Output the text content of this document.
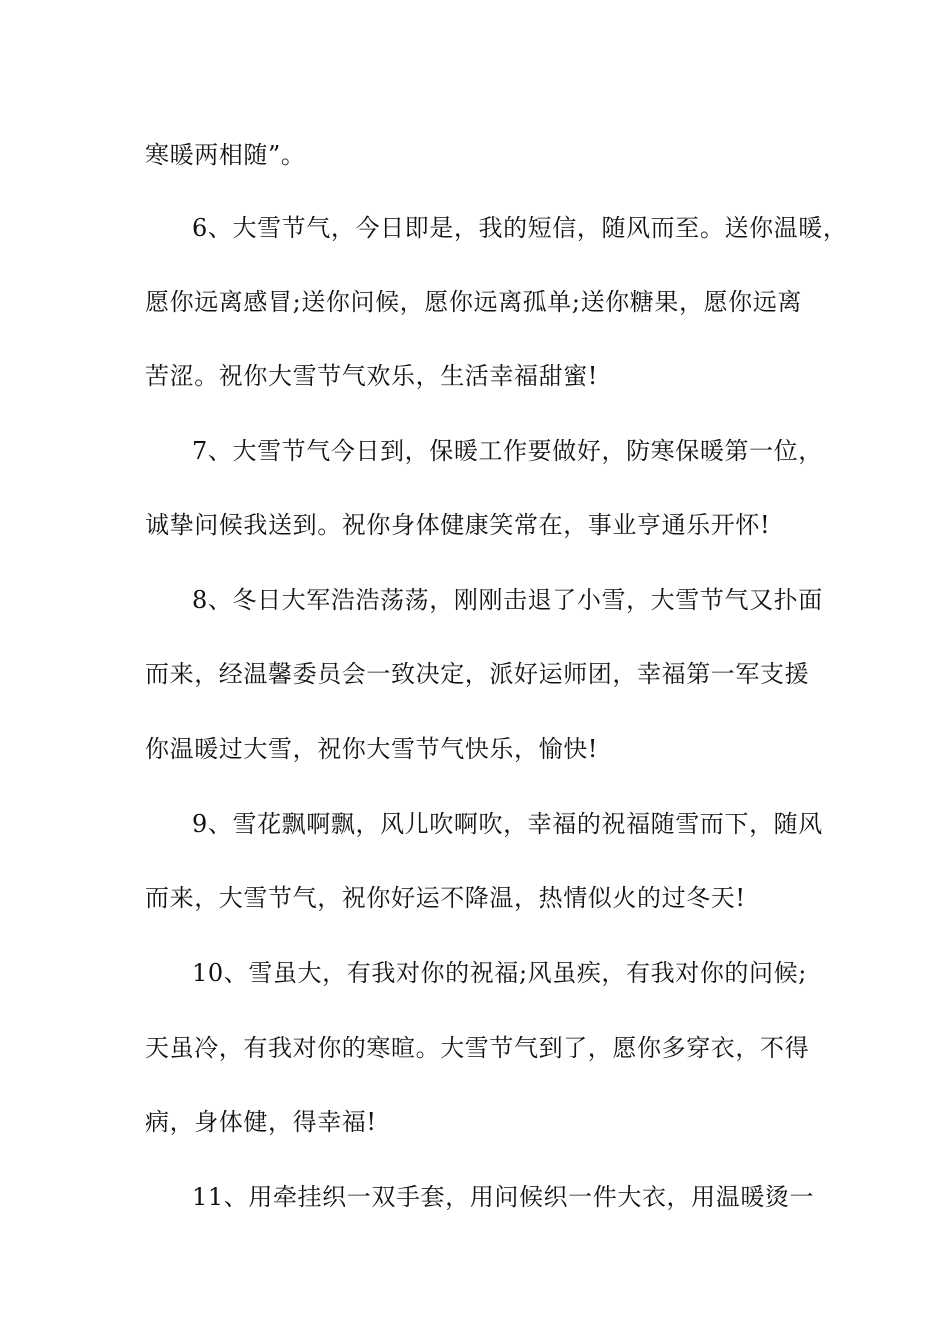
寒暖两相随”。
6、大雪节气，今日即是，我的短信，随风而至。送你温暖，
愿你远离感冒;送你问候，愿你远离孤单;送你糖果，愿你远离
苦涩。祝你大雪节气欢乐，生活幸福甜蜜!
7、大雪节气今日到，保暖工作要做好，防寒保暖第一位，
诚挚问候我送到。祝你身体健康笑常在，事业亨通乐开怀!
8、冬日大军浩浩荡荡，刚刚击退了小雪，大雪节气又扑面
而来，经温馨委员会一致决定，派好运师团，幸福第一军支援
你温暖过大雪，祝你大雪节气快乐，愉快!
9、雪花飘啊飘，风儿吹啊吹，幸福的祝福随雪而下，随风
而来，大雪节气，祝你好运不降温，热情似火的过冬天!
10、雪虽大，有我对你的祝福;风虽疾，有我对你的问候;
天虽冷，有我对你的寒暄。大雪节气到了，愿你多穿衣，不得
病，身体健，得幸福!
11、用牵挂织一双手套，用问候织一件大衣，用温暖烫一
